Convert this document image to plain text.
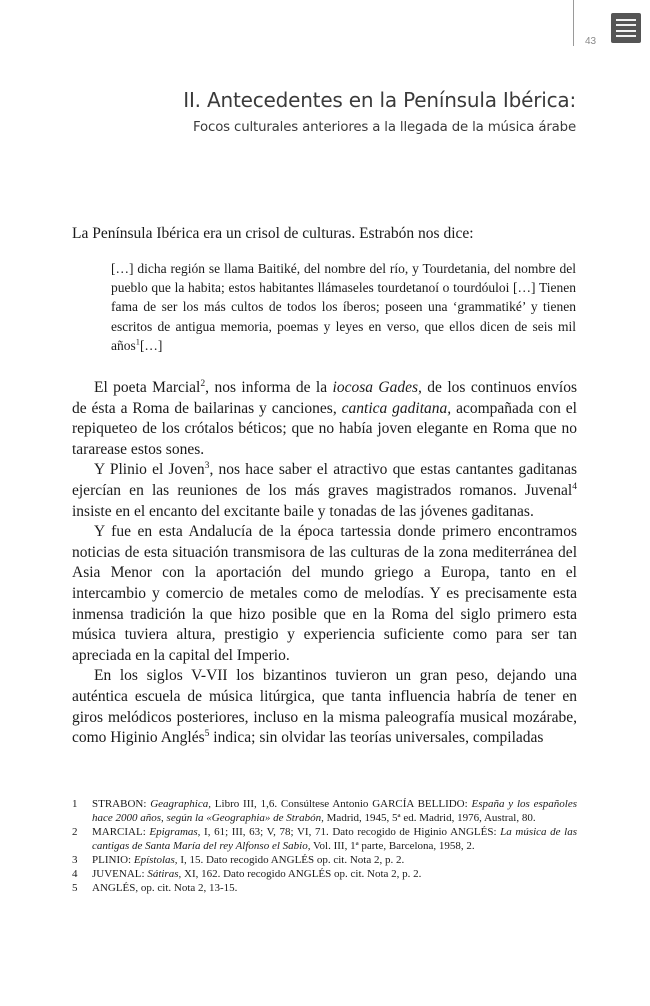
43
II. Antecedentes en la Península Ibérica:
Focos culturales anteriores a la llegada de la música árabe

La Península Ibérica era un crisol de culturas. Estrabón nos dice:

[…] dicha región se llama Baitiké, del nombre del río, y Tourdetania, del nombre del pueblo que la habita; estos habitantes llámaseles tourdetanoí o tourdóuloi […] Tienen fama de ser los más cultos de todos los íberos; poseen una ‘grammatiké’ y tienen escritos de antigua memoria, poemas y leyes en verso, que ellos dicen de seis mil años$^1$[…]

El poeta Marcial$^2$, nos informa de la iocosa Gades, de los continuos envíos de ésta a Roma de bailarinas y canciones, cantica gaditana, acompañada con el repiqueteo de los crótalos béticos; que no había joven elegante en Roma que no tararease estos sones.

Y Plinio el Joven$^3$, nos hace saber el atractivo que estas cantantes gaditanas ejercían en las reuniones de los más graves magistrados romanos. Juvenal$^4$ insiste en el encanto del excitante baile y tonadas de las jóvenes gaditanas.

Y fue en esta Andalucía de la época tartessia donde primero encontramos noticias de esta situación transmisora de las culturas de la zona mediterránea del Asia Menor con la aportación del mundo griego a Europa, tanto en el intercambio y comercio de metales como de melodías. Y es precisamente esta inmensa tradición la que hizo posible que en la Roma del siglo primero esta música tuviera altura, prestigio y experiencia suficiente como para ser tan apreciada en la capital del Imperio.

En los siglos V-VII los bizantinos tuvieron un gran peso, dejando una auténtica escuela de música litúrgica, que tanta influencia habría de tener en giros melódicos posteriores, incluso en la misma paleografía musical mozárabe, como Higinio Anglés$^5$ indica; sin olvidar las teorías universales, compiladas

1	STRABON: Geagraphica, Libro III, 1,6. Consúltese Antonio GARCÍA BELLIDO: España y los españoles hace 2000 años, según la «Geographia» de Strabón, Madrid, 1945, 5ª ed. Madrid, 1976, Austral, 80.
2	MARCIAL: Epigramas, I, 61; III, 63; V, 78; VI, 71. Dato recogido de Higinio ANGLÉS: La música de las cantigas de Santa María del rey Alfonso el Sabio, Vol. III, 1ª parte, Barcelona, 1958, 2.
3	PLINIO: Epístolas, I, 15. Dato recogido ANGLÉS op. cit. Nota 2, p. 2.
4	JUVENAL: Sátiras, XI, 162. Dato recogido ANGLÉS op. cit. Nota 2, p. 2.
5	ANGLÉS, op. cit. Nota 2, 13-15.
